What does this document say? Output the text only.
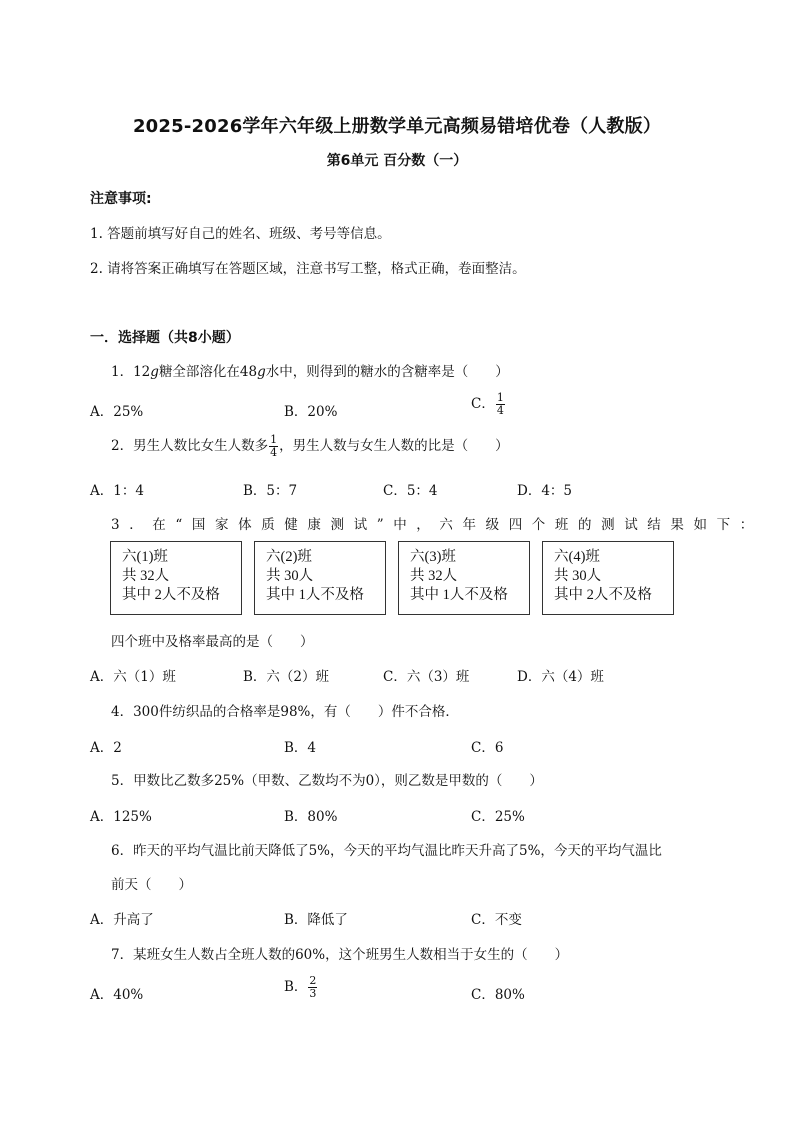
2025-2026学年六年级上册数学单元高频易错培优卷（人教版）
第6单元 百分数（一）
注意事项:
1. 答题前填写好自己的姓名、班级、考号等信息。
2. 请将答案正确填写在答题区域，注意书写工整，格式正确，卷面整洁。
一．选择题（共8小题）
1．12g糖全部溶化在48g水中，则得到的糖水的含糖率是（　　）
A．25%	B．20%	C． $\frac{1}{4}$
2．男生人数比女生人数多 $\frac{1}{4}$ ，男生人数与女生人数的比是（　　）
A．1：4	B．5：7	C．5：4	D．4：5
3．在“国家体质健康测试”中，六年级四个班的测试结果如下：
六(1)班
共 32人
其中 2人不及格
六(2)班
共 30人
其中 1人不及格
六(3)班
共 32人
其中 1人不及格
六(4)班
共 30人
其中 2人不及格
四个班中及格率最高的是（　　）
A．六（1）班	B．六（2）班	C．六（3）班	D．六（4）班
4．300件纺织品的合格率是98%，有（　　）件不合格．
A．2	B．4	C．6
5．甲数比乙数多25%（甲数、乙数均不为0），则乙数是甲数的（　　）
A．125%	B．80%	C．25%
6．昨天的平均气温比前天降低了5%，今天的平均气温比昨天升高了5%，今天的平均气温比
前天（　　）
A．升高了	B．降低了	C．不变
7．某班女生人数占全班人数的60%，这个班男生人数相当于女生的（　　）
A．40%	B． $\frac{2}{3}$	C．80%
